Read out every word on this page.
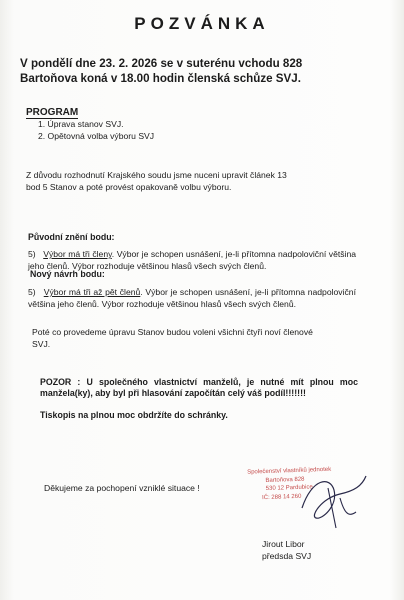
POZVÁNKA
V pondělí dne 23. 2. 2026 se v suterénu vchodu 828
Bartoňova koná v 18.00 hodin členská schůze SVJ.

PROGRAM

1. Úprava stanov SVJ.
2. Opětovná volba výboru SVJ
Z důvodu rozhodnutí Krajského soudu jsme nuceni upravit článek 13
bod 5 Stanov a poté provést opakovaně volbu výboru.

Původní znění bodu:

5) Výbor má tři členy. Výbor je schopen usnášení, je-li přítomna nadpoloviční většina jeho členů. Výbor rozhoduje většinou hlasů všech svých členů.

Nový návrh bodu:

5) Výbor má tři až pět členů. Výbor je schopen usnášení, je-li přítomna nadpoloviční většina jeho členů. Výbor rozhoduje většinou hlasů všech svých členů.

Poté co provedeme úpravu Stanov budou voleni všichni čtyři noví členové
SVJ.

POZOR : U společného vlastnictví manželů, je nutné mít plnou moc manžela(ky), aby byl při hlasování započítán celý váš podíl!!!!!!!

Tiskopis na plnou moc obdržíte do schránky.

Děkujeme za pochopení vzniklé situace !

Společenství vlastníků jednotek
Bartoňova 828
530 12 Pardubice
IČ: 288 14 260
Jirout Libor
předsda SVJ
